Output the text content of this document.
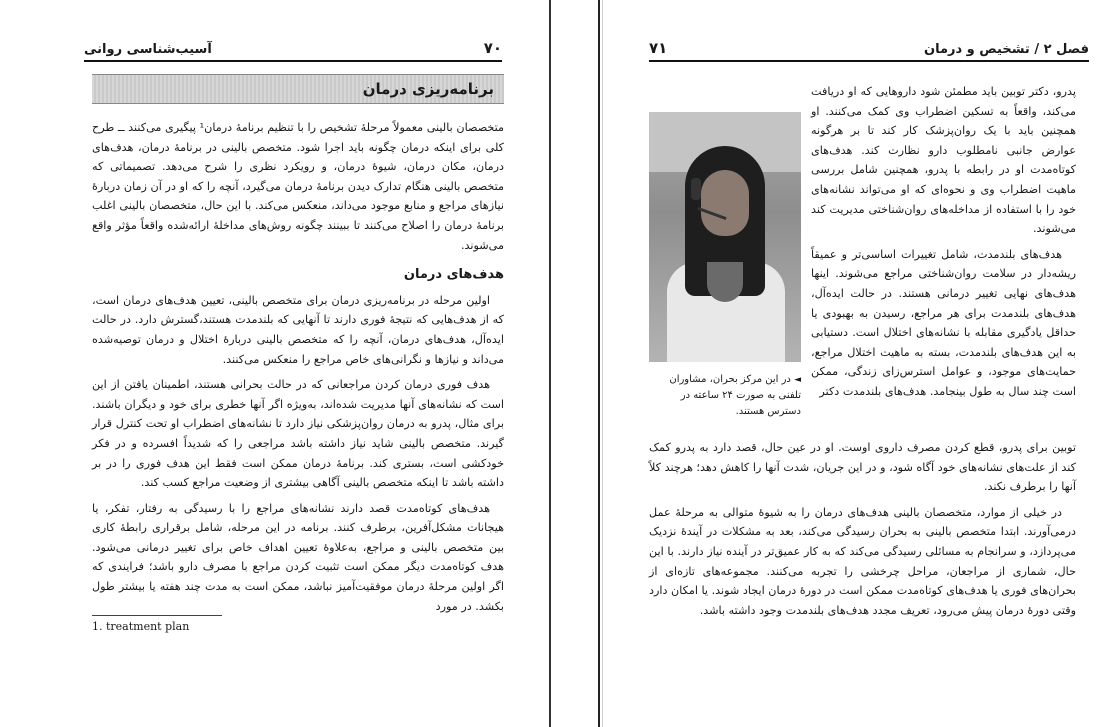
۷۰
آسیب‌شناسی روانی
برنامه‌ریزی درمان

متخصصان بالینی معمولاً مرحلهٔ تشخیص را با تنظیم برنامهٔ درمان¹ پیگیری می‌کنند ــ طرح کلی برای اینکه درمان چگونه باید اجرا شود. متخصص بالینی در برنامهٔ درمان، هدف‌های درمان، مکان درمان، شیوهٔ درمان، و رویکرد نظری را شرح می‌دهد. تصمیماتی که متخصص بالینی هنگام تدارک دیدن برنامهٔ درمان می‌گیرد، آنچه را که او در آن زمان دربارهٔ نیازهای مراجع و منابع موجود می‌داند، منعکس می‌کند. با این حال، متخصصان بالینی اغلب برنامهٔ درمان را اصلاح می‌کنند تا ببینند چگونه روش‌های مداخلهٔ ارائه‌شده واقعاً مؤثر واقع می‌شوند.

هدف‌های درمان

اولین مرحله در برنامه‌ریزی درمان برای متخصص بالینی، تعیین هدف‌های درمان است، که از هدف‌هایی که نتیجهٔ فوری دارند تا آنهایی که بلندمدت هستند،گسترش دارد. در حالت ایده‌آل، هدف‌های درمان، آنچه را که متخصص بالینی دربارهٔ اختلال و درمان توصیه‌شده می‌داند و نیازها و نگرانی‌های خاص مراجع را منعکس می‌کنند.

هدف فوری درمان کردن مراجعانی که در حالت بحرانی هستند، اطمینان یافتن از این است که نشانه‌های آنها مدیریت شده‌اند، به‌ویژه اگر آنها خطری برای خود و دیگران باشند. برای مثال، پدرو به درمان روان‌پزشکی نیاز دارد تا نشانه‌های اضطراب او تحت کنترل قرار گیرند. متخصص بالینی شاید نیاز داشته باشد مراجعی را که شدیداً افسرده و در فکر خودکشی است، بستری کند. برنامهٔ درمان ممکن است فقط این هدف فوری را در بر داشته باشد تا اینکه متخصص بالینی آگاهی بیشتری از وضعیت مراجع کسب کند.

هدف‌های کوتاه‌مدت قصد دارند نشانه‌های مراجع را با رسیدگی به رفتار، تفکر، یا هیجانات مشکل‌آفرین، برطرف کنند. برنامه در این مرحله، شامل برقراری رابطهٔ کاری بین متخصص بالینی و مراجع، به‌علاوهٔ تعیین اهداف خاص برای تغییر درمانی می‌شود. هدف کوتاه‌مدت دیگر ممکن است تثبیت کردن مراجع با مصرف دارو باشد؛ فرایندی که اگر اولین مرحلهٔ درمان موفقیت‌آمیز نباشد، ممکن است به مدت چند هفته یا بیشتر طول بکشد. در مورد

1. treatment plan
۷۱	فصل ۲ / تشخیص و درمان
◄ در این مرکز بحران، مشاوران تلفنی به صورت ۲۴ ساعته در دسترس هستند.

پدرو، دکتر توبین باید مطمئن شود داروهایی که او دریافت می‌کند، واقعاً به تسکین اضطراب وی کمک می‌کنند. او همچنین باید با یک روان‌پزشک کار کند تا بر هرگونه عوارض جانبی نامطلوب دارو نظارت کند. هدف‌های کوتاه‌مدت او در رابطه با پدرو، همچنین شامل بررسی ماهیت اضطراب وی و نحوه‌ای که او می‌تواند نشانه‌های خود را با استفاده از مداخله‌های روان‌شناختی مدیریت کند می‌شوند.

هدف‌های بلندمدت، شامل تغییرات اساسی‌تر و عمیقاً ریشه‌دار در سلامت روان‌شناختی مراجع می‌شوند. اینها هدف‌های نهایی تغییر درمانی هستند. در حالت ایده‌آل، هدف‌های بلندمدت برای هر مراجع، رسیدن به بهبودی یا حداقل یادگیری مقابله با نشانه‌های اختلال است. دستیابی به این هدف‌های بلندمدت، بسته به ماهیت اختلال مراجع، حمایت‌های موجود، و عوامل استرس‌زای زندگی، ممکن است چند سال به طول بینجامد. هدف‌های بلندمدت دکتر

توبین برای پدرو، قطع کردن مصرف داروی اوست. او در عین حال، قصد دارد به پدرو کمک کند از علت‌های نشانه‌های خود آگاه شود، و در این جریان، شدت آنها را کاهش دهد؛ هرچند کلاً آنها را برطرف نکند.

در خیلی از موارد، متخصصان بالینی هدف‌های درمان را به شیوهٔ متوالی به مرحلهٔ عمل درمی‌آورند. ابتدا متخصص بالینی به بحران رسیدگی می‌کند، بعد به مشکلات در آیندهٔ نزدیک می‌پردازد، و سرانجام به مسائلی رسیدگی می‌کند که به کار عمیق‌تر در آینده نیاز دارند. با این حال، شماری از مراجعان، مراحل چرخشی را تجربه می‌کنند. مجموعه‌های تازه‌ای از بحران‌های فوری یا هدف‌های کوتاه‌مدت ممکن است در دورهٔ درمان ایجاد شوند. یا امکان دارد وقتی دورهٔ درمان پیش می‌رود، تعریف مجدد هدف‌های بلندمدت وجود داشته باشد.
